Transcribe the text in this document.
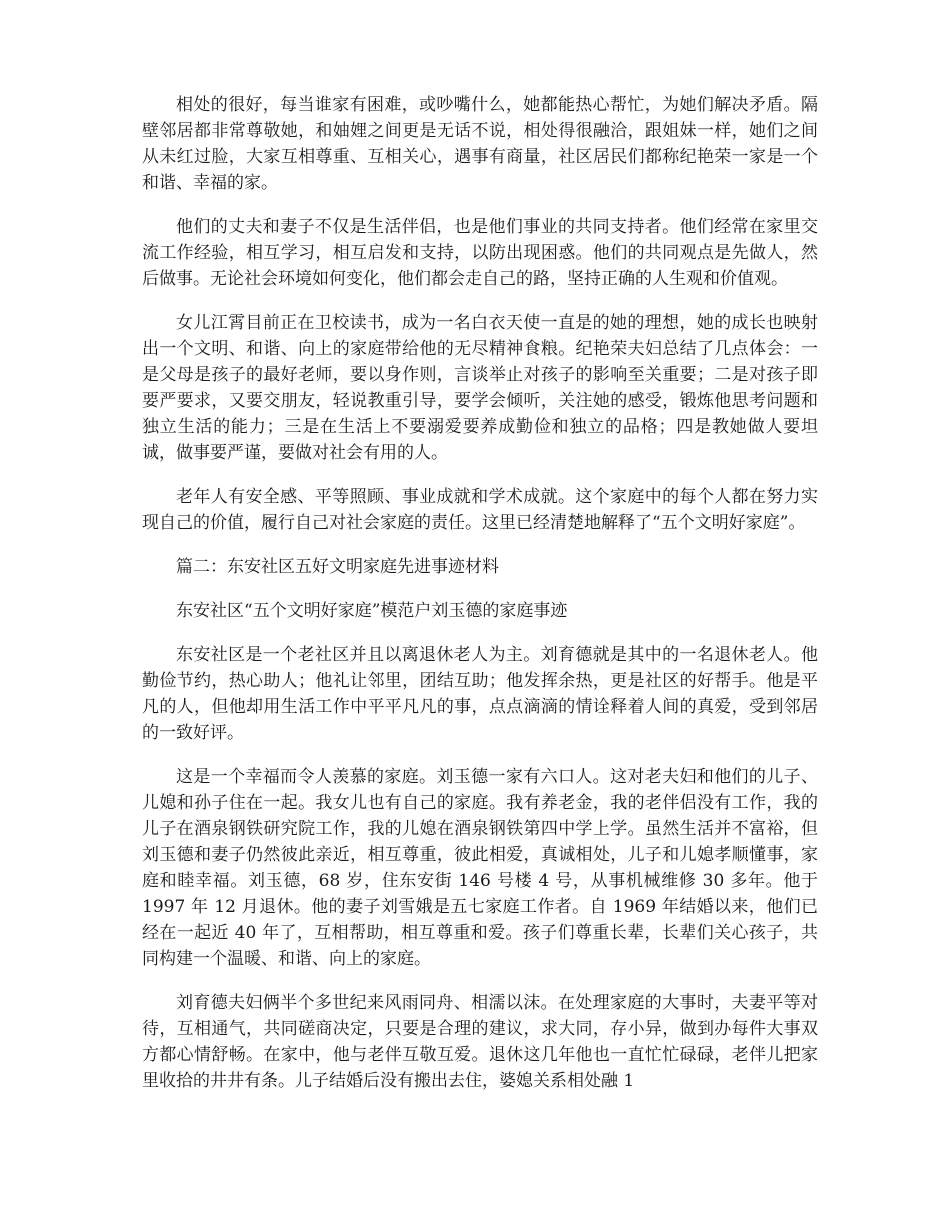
相处的很好，每当谁家有困难，或吵嘴什么，她都能热心帮忙，为她们解决矛盾。隔壁邻居都非常尊敬她，和妯娌之间更是无话不说，相处得很融洽，跟姐妹一样，她们之间从未红过脸，大家互相尊重、互相关心，遇事有商量，社区居民们都称纪艳荣一家是一个和谐、幸福的家。

他们的丈夫和妻子不仅是生活伴侣，也是他们事业的共同支持者。他们经常在家里交流工作经验，相互学习，相互启发和支持，以防出现困惑。他们的共同观点是先做人，然后做事。无论社会环境如何变化，他们都会走自己的路，坚持正确的人生观和价值观。

女儿江霄目前正在卫校读书，成为一名白衣天使一直是的她的理想，她的成长也映射出一个文明、和谐、向上的家庭带给他的无尽精神食粮。纪艳荣夫妇总结了几点体会：一是父母是孩子的最好老师，要以身作则，言谈举止对孩子的影响至关重要；二是对孩子即要严要求，又要交朋友，轻说教重引导，要学会倾听，关注她的感受，锻炼他思考问题和独立生活的能力；三是在生活上不要溺爱要养成勤俭和独立的品格；四是教她做人要坦诚，做事要严谨，要做对社会有用的人。

老年人有安全感、平等照顾、事业成就和学术成就。这个家庭中的每个人都在努力实现自己的价值，履行自己对社会家庭的责任。这里已经清楚地解释了“五个文明好家庭”。

篇二：东安社区五好文明家庭先进事迹材料

东安社区“五个文明好家庭”模范户刘玉德的家庭事迹

东安社区是一个老社区并且以离退休老人为主。刘育德就是其中的一名退休老人。他勤俭节约，热心助人；他礼让邻里，团结互助；他发挥余热，更是社区的好帮手。他是平凡的人，但他却用生活工作中平平凡凡的事，点点滴滴的情诠释着人间的真爱，受到邻居的一致好评。

这是一个幸福而令人羡慕的家庭。刘玉德一家有六口人。这对老夫妇和他们的儿子、儿媳和孙子住在一起。我女儿也有自己的家庭。我有养老金，我的老伴侣没有工作，我的儿子在酒泉钢铁研究院工作，我的儿媳在酒泉钢铁第四中学上学。虽然生活并不富裕，但刘玉德和妻子仍然彼此亲近，相互尊重，彼此相爱，真诚相处，儿子和儿媳孝顺懂事，家庭和睦幸福。刘玉德，68 岁，住东安街 146 号楼 4 号，从事机械维修 30 多年。他于 1997 年 12 月退休。他的妻子刘雪娥是五七家庭工作者。自 1969 年结婚以来，他们已经在一起近 40 年了，互相帮助，相互尊重和爱。孩子们尊重长辈，长辈们关心孩子，共同构建一个温暖、和谐、向上的家庭。

刘育德夫妇俩半个多世纪来风雨同舟、相濡以沫。在处理家庭的大事时，夫妻平等对待，互相通气，共同磋商决定，只要是合理的建议，求大同，存小异，做到办每件大事双方都心情舒畅。在家中，他与老伴互敬互爱。退休这几年他也一直忙忙碌碌，老伴儿把家里收拾的井井有条。儿子结婚后没有搬出去住，婆媳关系相处融 1
